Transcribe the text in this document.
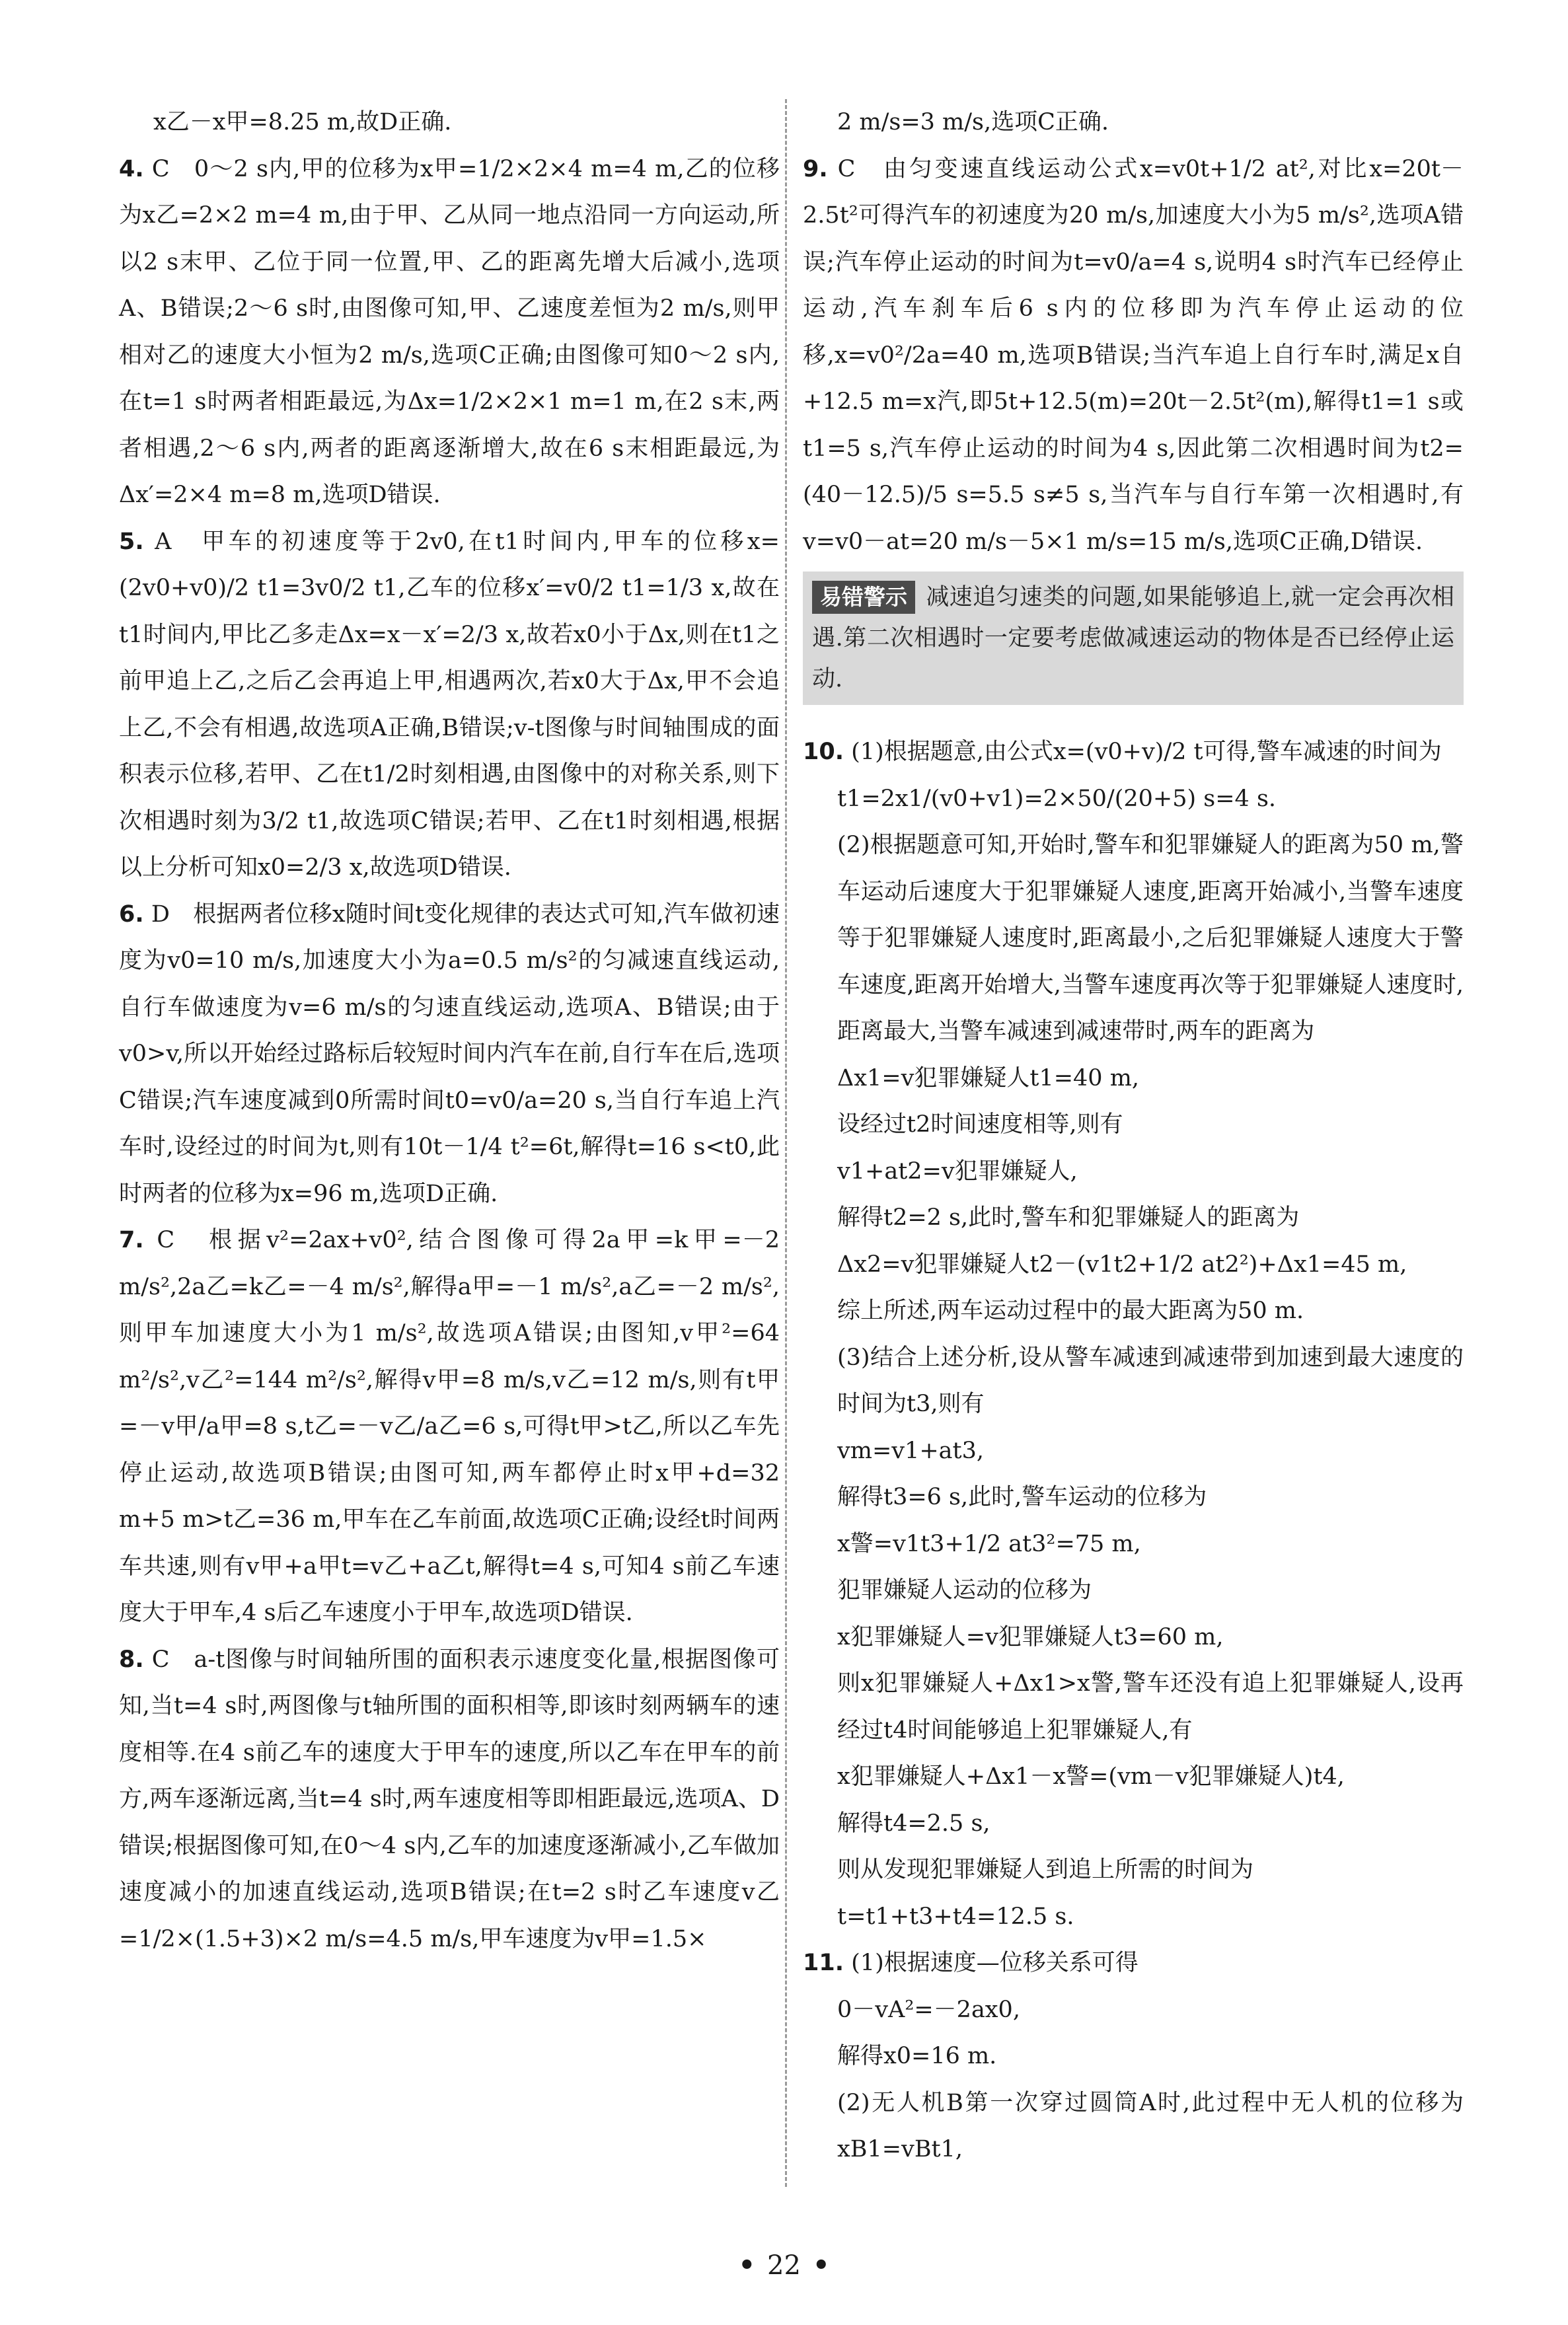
x乙－x甲=8.25 m,故D正确.

4. C　0～2 s内,甲的位移为x甲=1/2×2×4 m=4 m,乙的位移为x乙=2×2 m=4 m,由于甲、乙从同一地点沿同一方向运动,所以2 s末甲、乙位于同一位置,甲、乙的距离先增大后减小,选项A、B错误;2～6 s时,由图像可知,甲、乙速度差恒为2 m/s,则甲相对乙的速度大小恒为2 m/s,选项C正确;由图像可知0～2 s内,在t=1 s时两者相距最远,为Δx=1/2×2×1 m=1 m,在2 s末,两者相遇,2～6 s内,两者的距离逐渐增大,故在6 s末相距最远,为Δx′=2×4 m=8 m,选项D错误.

5. A　甲车的初速度等于2v0,在t1时间内,甲车的位移x=(2v0+v0)/2 t1=3v0/2 t1,乙车的位移x′=v0/2 t1=1/3 x,故在t1时间内,甲比乙多走Δx=x－x′=2/3 x,故若x0小于Δx,则在t1之前甲追上乙,之后乙会再追上甲,相遇两次,若x0大于Δx,甲不会追上乙,不会有相遇,故选项A正确,B错误;v-t图像与时间轴围成的面积表示位移,若甲、乙在t1/2时刻相遇,由图像中的对称关系,则下次相遇时刻为3/2 t1,故选项C错误;若甲、乙在t1时刻相遇,根据以上分析可知x0=2/3 x,故选项D错误.

6. D　根据两者位移x随时间t变化规律的表达式可知,汽车做初速度为v0=10 m/s,加速度大小为a=0.5 m/s²的匀减速直线运动,自行车做速度为v=6 m/s的匀速直线运动,选项A、B错误;由于v0>v,所以开始经过路标后较短时间内汽车在前,自行车在后,选项C错误;汽车速度减到0所需时间t0=v0/a=20 s,当自行车追上汽车时,设经过的时间为t,则有10t－1/4 t²=6t,解得t=16 s<t0,此时两者的位移为x=96 m,选项D正确.

7. C　根据v²=2ax+v0²,结合图像可得2a甲=k甲=－2 m/s²,2a乙=k乙=－4 m/s²,解得a甲=－1 m/s²,a乙=－2 m/s²,则甲车加速度大小为1 m/s²,故选项A错误;由图知,v甲²=64 m²/s²,v乙²=144 m²/s²,解得v甲=8 m/s,v乙=12 m/s,则有t甲=－v甲/a甲=8 s,t乙=－v乙/a乙=6 s,可得t甲>t乙,所以乙车先停止运动,故选项B错误;由图可知,两车都停止时x甲+d=32 m+5 m>t乙=36 m,甲车在乙车前面,故选项C正确;设经t时间两车共速,则有v甲+a甲t=v乙+a乙t,解得t=4 s,可知4 s前乙车速度大于甲车,4 s后乙车速度小于甲车,故选项D错误.

8. C　a-t图像与时间轴所围的面积表示速度变化量,根据图像可知,当t=4 s时,两图像与t轴所围的面积相等,即该时刻两辆车的速度相等.在4 s前乙车的速度大于甲车的速度,所以乙车在甲车的前方,两车逐渐远离,当t=4 s时,两车速度相等即相距最远,选项A、D错误;根据图像可知,在0～4 s内,乙车的加速度逐渐减小,乙车做加速度减小的加速直线运动,选项B错误;在t=2 s时乙车速度v乙=1/2×(1.5+3)×2 m/s=4.5 m/s,甲车速度为v甲=1.5×

2 m/s=3 m/s,选项C正确.

9. C　由匀变速直线运动公式x=v0t+1/2 at²,对比x=20t－2.5t²可得汽车的初速度为20 m/s,加速度大小为5 m/s²,选项A错误;汽车停止运动的时间为t=v0/a=4 s,说明4 s时汽车已经停止运动,汽车刹车后6 s内的位移即为汽车停止运动的位移,x=v0²/2a=40 m,选项B错误;当汽车追上自行车时,满足x自+12.5 m=x汽,即5t+12.5(m)=20t－2.5t²(m),解得t1=1 s或t1=5 s,汽车停止运动的时间为4 s,因此第二次相遇时间为t2=(40－12.5)/5 s=5.5 s≠5 s,当汽车与自行车第一次相遇时,有v=v0－at=20 m/s－5×1 m/s=15 m/s,选项C正确,D错误.

易错警示 减速追匀速类的问题,如果能够追上,就一定会再次相遇.第二次相遇时一定要考虑做减速运动的物体是否已经停止运动.

10. (1)根据题意,由公式x=(v0+v)/2 t可得,警车减速的时间为

t1=2x1/(v0+v1)=2×50/(20+5) s=4 s.

(2)根据题意可知,开始时,警车和犯罪嫌疑人的距离为50 m,警车运动后速度大于犯罪嫌疑人速度,距离开始减小,当警车速度等于犯罪嫌疑人速度时,距离最小,之后犯罪嫌疑人速度大于警车速度,距离开始增大,当警车速度再次等于犯罪嫌疑人速度时,距离最大,当警车减速到减速带时,两车的距离为

Δx1=v犯罪嫌疑人t1=40 m,

设经过t2时间速度相等,则有

v1+at2=v犯罪嫌疑人,

解得t2=2 s,此时,警车和犯罪嫌疑人的距离为

Δx2=v犯罪嫌疑人t2－(v1t2+1/2 at2²)+Δx1=45 m,

综上所述,两车运动过程中的最大距离为50 m.

(3)结合上述分析,设从警车减速到减速带到加速到最大速度的时间为t3,则有

vm=v1+at3,

解得t3=6 s,此时,警车运动的位移为

x警=v1t3+1/2 at3²=75 m,

犯罪嫌疑人运动的位移为

x犯罪嫌疑人=v犯罪嫌疑人t3=60 m,

则x犯罪嫌疑人+Δx1>x警,警车还没有追上犯罪嫌疑人,设再经过t4时间能够追上犯罪嫌疑人,有

x犯罪嫌疑人+Δx1－x警=(vm－v犯罪嫌疑人)t4,

解得t4=2.5 s,

则从发现犯罪嫌疑人到追上所需的时间为

t=t1+t3+t4=12.5 s.

11. (1)根据速度—位移关系可得

0－vA²=－2ax0,

解得x0=16 m.

(2)无人机B第一次穿过圆筒A时,此过程中无人机的位移为xB1=vBt1,

• 22 •
